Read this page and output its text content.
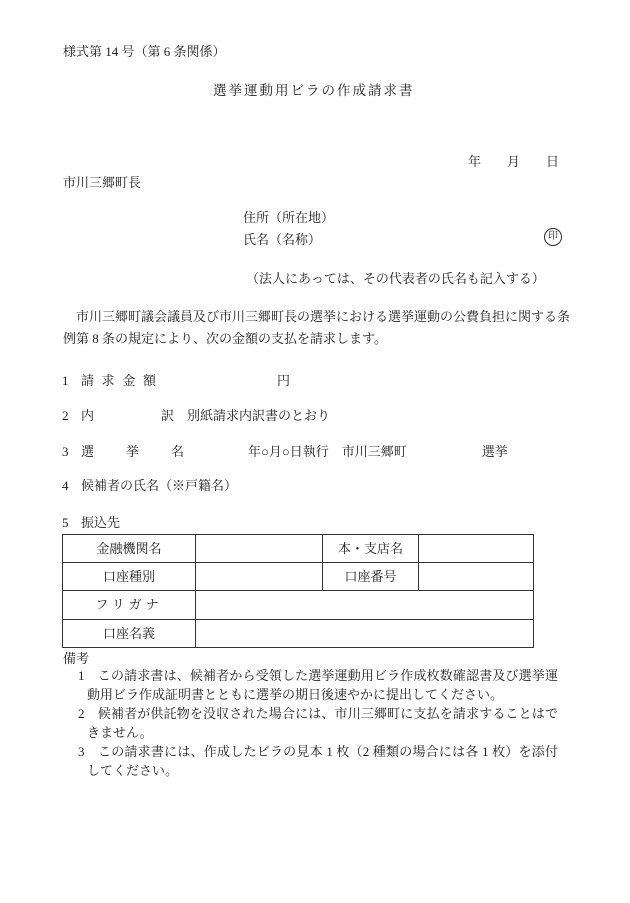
様式第 14 号（第 6 条関係）
選挙運動用ビラの作成請求書
年　　月　　日
市川三郷町長
住所（所在地）
氏名（名称）	印
（法人にあっては、その代表者の氏名も記入する）
　市川三郷町議会議員及び市川三郷町長の選挙における選挙運動の公費負担に関する条例第 8 条の規定により、次の金額の支払を請求します。
1 請求金額	円
2 内訳 別紙請求内訳書のとおり
3 選挙名	年○月○日執行　市川三郷町	選挙
4 候補者の氏名（※戸籍名）
5 振込先
金融機関名		本・支店名	
口座種別		口座番号	
フリガナ			
口座名義			
備考

1　この請求書は、候補者から受領した選挙運動用ビラ作成枚数確認書及び選挙運動用ビラ作成証明書とともに選挙の期日後速やかに提出してください。

2　候補者が供託物を没収された場合には、市川三郷町に支払を請求することはできません。

3　この請求書には、作成したビラの見本 1 枚（2 種類の場合には各 1 枚）を添付してください。
